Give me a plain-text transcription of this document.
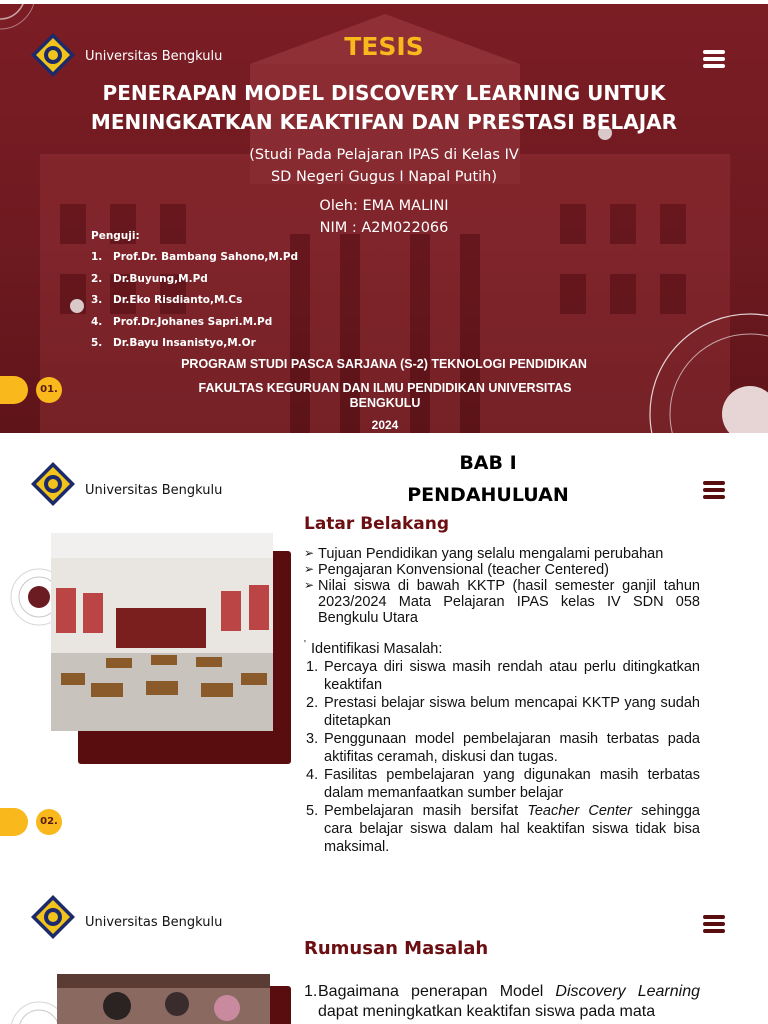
Universitas Bengkulu	TESIS
PENERAPAN MODEL DISCOVERY LEARNING UNTUK
MENINGKATKAN KEAKTIFAN DAN PRESTASI BELAJAR
(Studi Pada Pelajaran IPAS di Kelas IV
SD Negeri Gugus I Napal Putih)
Oleh: EMA MALINI
NIM : A2M022066
Penguji:
1. Prof.Dr. Bambang Sahono,M.Pd
2. Dr.Buyung,M.Pd
3. Dr.Eko Risdianto,M.Cs
4. Prof.Dr.Johanes Sapri.M.Pd
5. Dr.Bayu Insanistyo,M.Or
PROGRAM STUDI PASCA SARJANA (S-2) TEKNOLOGI PENDIDIKAN
FAKULTAS KEGURUAN DAN ILMU PENDIDIKAN UNIVERSITAS
BENGKULU
2024
01.
Universitas Bengkulu
BAB I
PENDAHULUAN
Latar Belakang
➢ Tujuan Pendidikan yang selalu mengalami perubahan
➢ Pengajaran Konvensional (teacher Centered)
➢ Nilai siswa di bawah KKTP (hasil semester ganjil tahun 2023/2024 Mata Pelajaran IPAS kelas IV SDN 058 Bengkulu Utara

' Identifikasi Masalah:

1. Percaya diri siswa masih rendah atau perlu ditingkatkan keaktifan
2. Prestasi belajar siswa belum mencapai KKTP yang sudah ditetapkan
3. Penggunaan model pembelajaran masih terbatas pada aktifitas ceramah, diskusi dan tugas.
4. Fasilitas pembelajaran yang digunakan masih terbatas dalam memanfaatkan sumber belajar
5. Pembelajaran masih bersifat Teacher Center sehingga cara belajar siswa dalam hal keaktifan siswa tidak bisa maksimal.
02.
Universitas Bengkulu
Rumusan Masalah
1. Bagaimana penerapan Model Discovery Learning dapat meningkatkan keaktifan siswa pada mata
